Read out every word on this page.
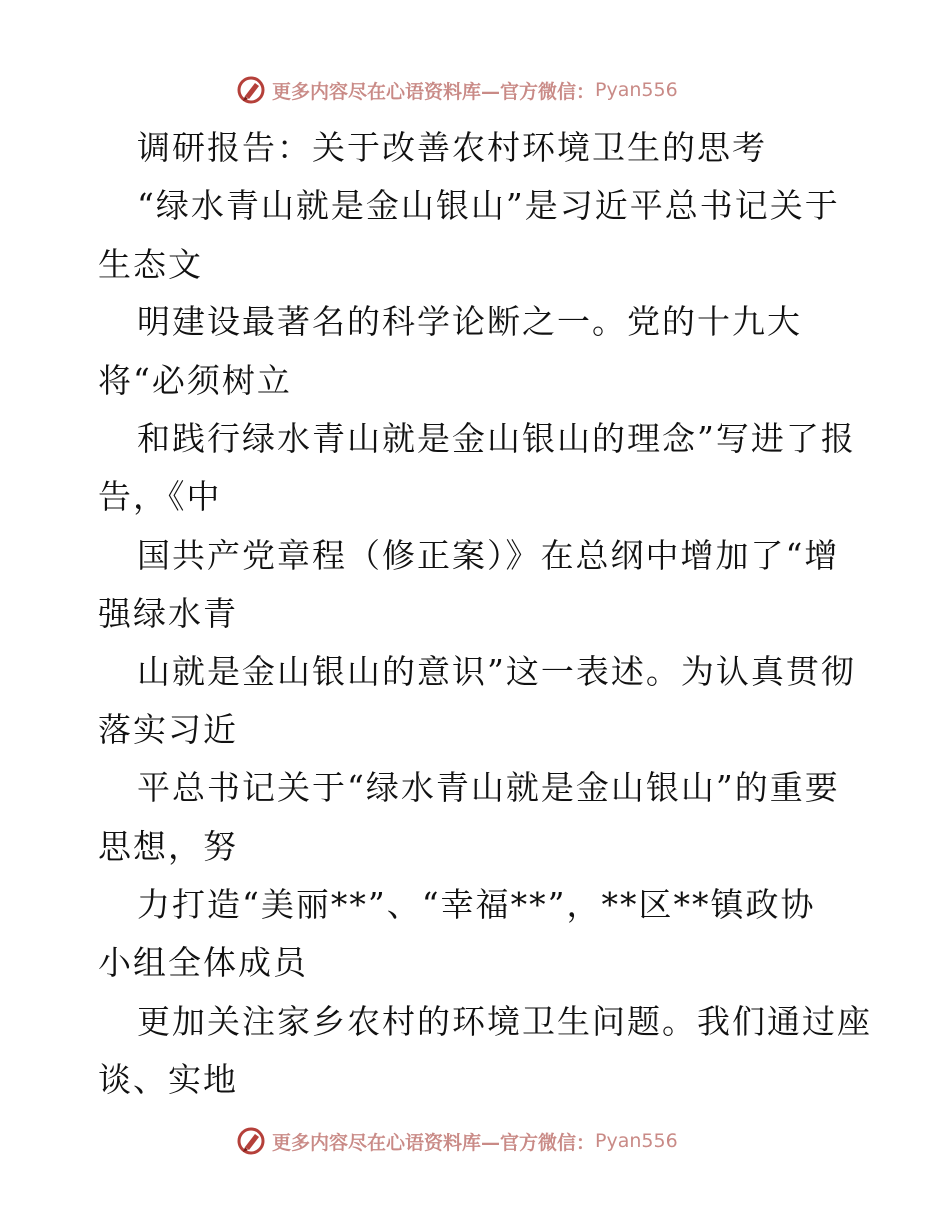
更多内容尽在心语资料库—官方微信： Pyan556
调研报告：关于改善农村环境卫生的思考
“绿水青山就是金山银山”是习近平总书记关于
生态文
明建设最著名的科学论断之一。党的十九大
将“必须树立
和践行绿水青山就是金山银山的理念”写进了报
告，《中
国共产党章程（修正案）》在总纲中增加了“增
强绿水青
山就是金山银山的意识”这一表述。为认真贯彻
落实习近
平总书记关于“绿水青山就是金山银山”的重要
思想，努
力打造“美丽**”、“幸福**”，**区**镇政协
小组全体成员
更加关注家乡农村的环境卫生问题。我们通过座
谈、实地
更多内容尽在心语资料库—官方微信： Pyan556
